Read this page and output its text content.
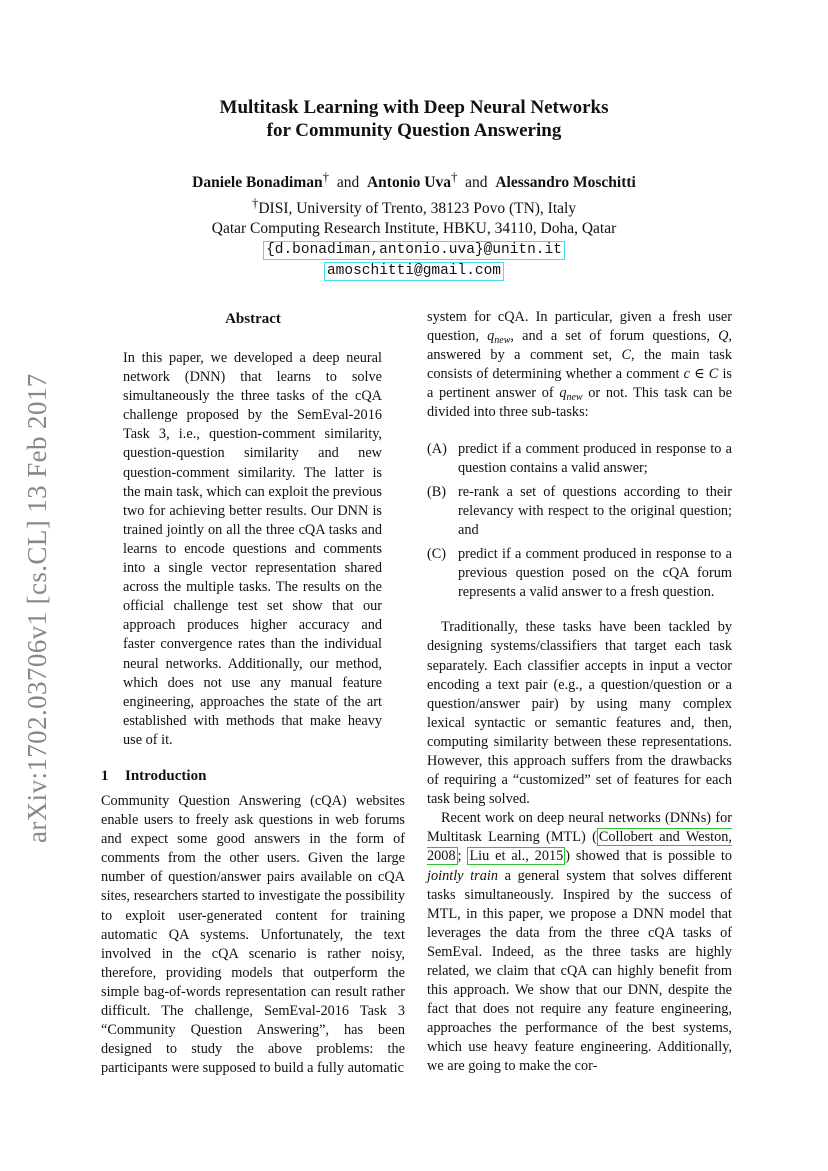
arXiv:1702.03706v1 [cs.CL] 13 Feb 2017
Multitask Learning with Deep Neural Networks
for Community Question Answering
Daniele Bonadiman† and Antonio Uva† and Alessandro Moschitti
†DISI, University of Trento, 38123 Povo (TN), Italy
Qatar Computing Research Institute, HBKU, 34110, Doha, Qatar
{d.bonadiman,antonio.uva}@unitn.it
amoschitti@gmail.com
Abstract

In this paper, we developed a deep neural network (DNN) that learns to solve simultaneously the three tasks of the cQA challenge proposed by the SemEval-2016 Task 3, i.e., question-comment similarity, question-question similarity and new question-comment similarity. The latter is the main task, which can exploit the previous two for achieving better results. Our DNN is trained jointly on all the three cQA tasks and learns to encode questions and comments into a single vector representation shared across the multiple tasks. The results on the official challenge test set show that our approach produces higher accuracy and faster convergence rates than the individual neural networks. Additionally, our method, which does not use any manual feature engineering, approaches the state of the art established with methods that make heavy use of it.

1 Introduction

Community Question Answering (cQA) websites enable users to freely ask questions in web forums and expect some good answers in the form of comments from the other users. Given the large number of question/answer pairs available on cQA sites, researchers started to investigate the possibility to exploit user-generated content for training automatic QA systems. Unfortunately, the text involved in the cQA scenario is rather noisy, therefore, providing models that outperform the simple bag-of-words representation can result rather difficult. The challenge, SemEval-2016 Task 3 “Community Question Answering”, has been designed to study the above problems: the participants were supposed to build a fully automatic

system for cQA. In particular, given a fresh user question, $q_{new}$, and a set of forum questions, Q, answered by a comment set, C, the main task consists of determining whether a comment c ∈ C is a pertinent answer of $q_{new}$ or not. This task can be divided into three sub-tasks:

(A) predict if a comment produced in response to a question contains a valid answer;
(B) re-rank a set of questions according to their relevancy with respect to the original question; and
(C) predict if a comment produced in response to a previous question posed on the cQA forum represents a valid answer to a fresh question.

Traditionally, these tasks have been tackled by designing systems/classifiers that target each task separately. Each classifier accepts in input a vector encoding a text pair (e.g., a question/question or a question/answer pair) by using many complex lexical syntactic or semantic features and, then, computing similarity between these representations. However, this approach suffers from the drawbacks of requiring a “customized” set of features for each task being solved.

Recent work on deep neural networks (DNNs) for Multitask Learning (MTL) ( Collobert and Weston, 2008 ; Liu et al., 2015 ) showed that is possible to jointly train a general system that solves different tasks simultaneously. Inspired by the success of MTL, in this paper, we propose a DNN model that leverages the data from the three cQA tasks of SemEval. Indeed, as the three tasks are highly related, we claim that cQA can highly benefit from this approach. We show that our DNN, despite the fact that does not require any feature engineering, approaches the performance of the best systems, which use heavy feature engineering. Additionally, we are going to make the cor-
